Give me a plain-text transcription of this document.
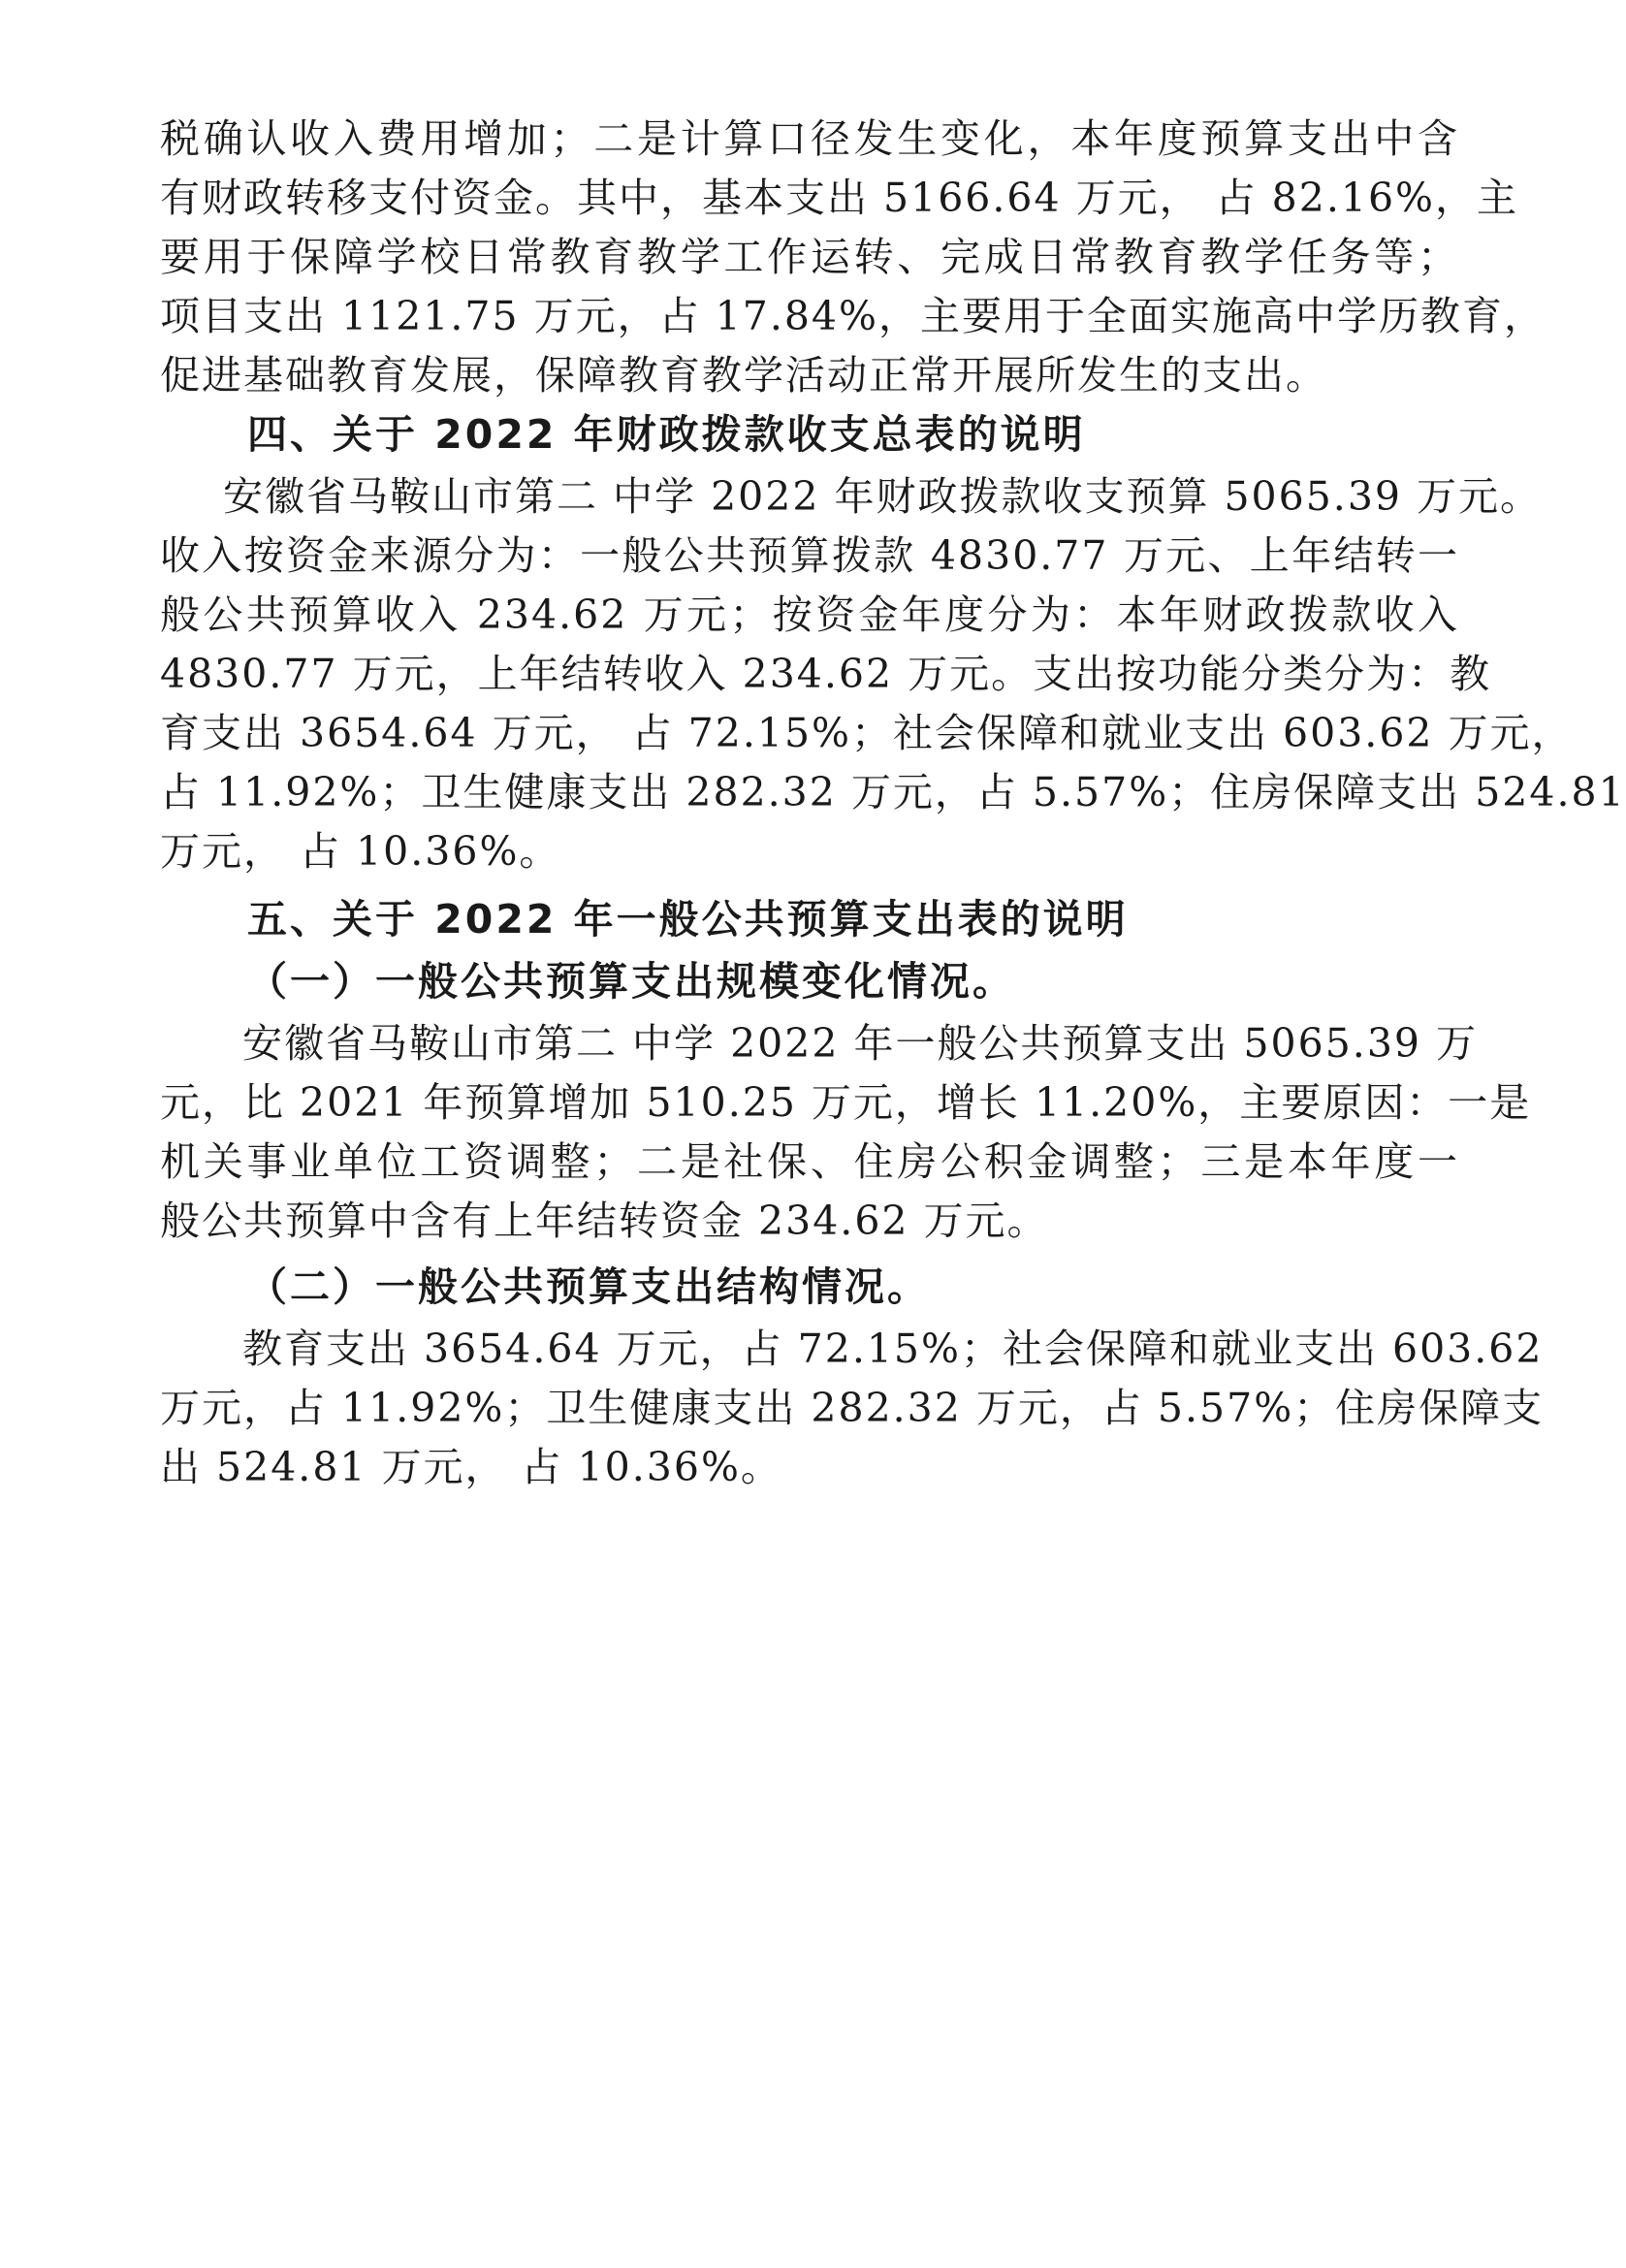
税确认收入费用增加；二是计算口径发生变化，本年度预算支出中含
有财政转移支付资金。其中，基本支出 5166.64 万元， 占 82.16%，主
要用于保障学校日常教育教学工作运转、完成日常教育教学任务等；
项目支出 1121.75 万元，占 17.84%，主要用于全面实施高中学历教育，
促进基础教育发展，保障教育教学活动正常开展所发生的支出。
四、关于 2022 年财政拨款收支总表的说明
安徽省马鞍山市第二 中学 2022 年财政拨款收支预算 5065.39 万元。
收入按资金来源分为：一般公共预算拨款 4830.77 万元、上年结转一
般公共预算收入 234.62 万元；按资金年度分为：本年财政拨款收入
4830.77 万元，上年结转收入 234.62 万元。支出按功能分类分为：教
育支出 3654.64 万元， 占 72.15%；社会保障和就业支出 603.62 万元，
占 11.92%；卫生健康支出 282.32 万元，占 5.57%；住房保障支出 524.81
万元， 占 10.36%。
五、关于 2022 年一般公共预算支出表的说明
（一）一般公共预算支出规模变化情况。
安徽省马鞍山市第二 中学 2022 年一般公共预算支出 5065.39 万
元，比 2021 年预算增加 510.25 万元，增长 11.20%，主要原因：一是
机关事业单位工资调整；二是社保、住房公积金调整；三是本年度一
般公共预算中含有上年结转资金 234.62 万元。
（二）一般公共预算支出结构情况。
教育支出 3654.64 万元，占 72.15%；社会保障和就业支出 603.62
万元，占 11.92%；卫生健康支出 282.32 万元，占 5.57%；住房保障支
出 524.81 万元， 占 10.36%。
